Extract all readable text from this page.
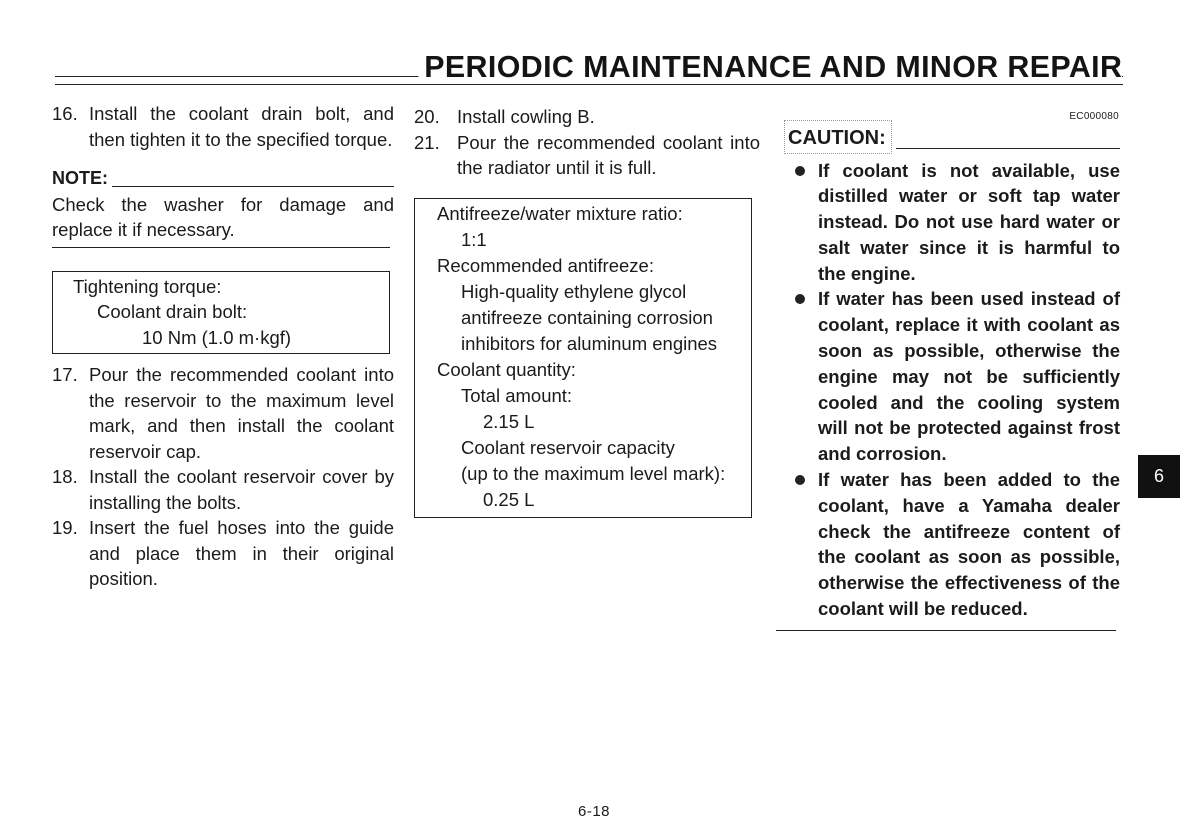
PERIODIC MAINTENANCE AND MINOR REPAIR
16. Install the coolant drain bolt, and then tighten it to the specified torque.
NOTE:
Check the washer for damage and replace it if necessary.
Tightening torque:
Coolant drain bolt:
10 Nm (1.0 m·kgf)
17. Pour the recommended coolant into the reservoir to the maximum level mark, and then install the coolant reservoir cap.
18. Install the coolant reservoir cover by installing the bolts.
19. Insert the fuel hoses into the guide and place them in their original position.
20. Install cowling B.
21. Pour the recommended coolant into the radiator until it is full.
Antifreeze/water mixture ratio:
1:1
Recommended antifreeze:
High-quality ethylene glycol
antifreeze containing corrosion
inhibitors for aluminum engines
Coolant quantity:
Total amount:
2.15 L
Coolant reservoir capacity
(up to the maximum level mark):
0.25 L
EC000080
CAUTION:
If coolant is not available, use distilled water or soft tap water instead. Do not use hard water or salt water since it is harmful to the engine.
If water has been used instead of coolant, replace it with coolant as soon as possible, otherwise the engine may not be sufficiently cooled and the cooling system will not be protected against frost and corrosion.
If water has been added to the coolant, have a Yamaha dealer check the antifreeze content of the coolant as soon as possible, otherwise the effectiveness of the coolant will be reduced.
6
6-18
